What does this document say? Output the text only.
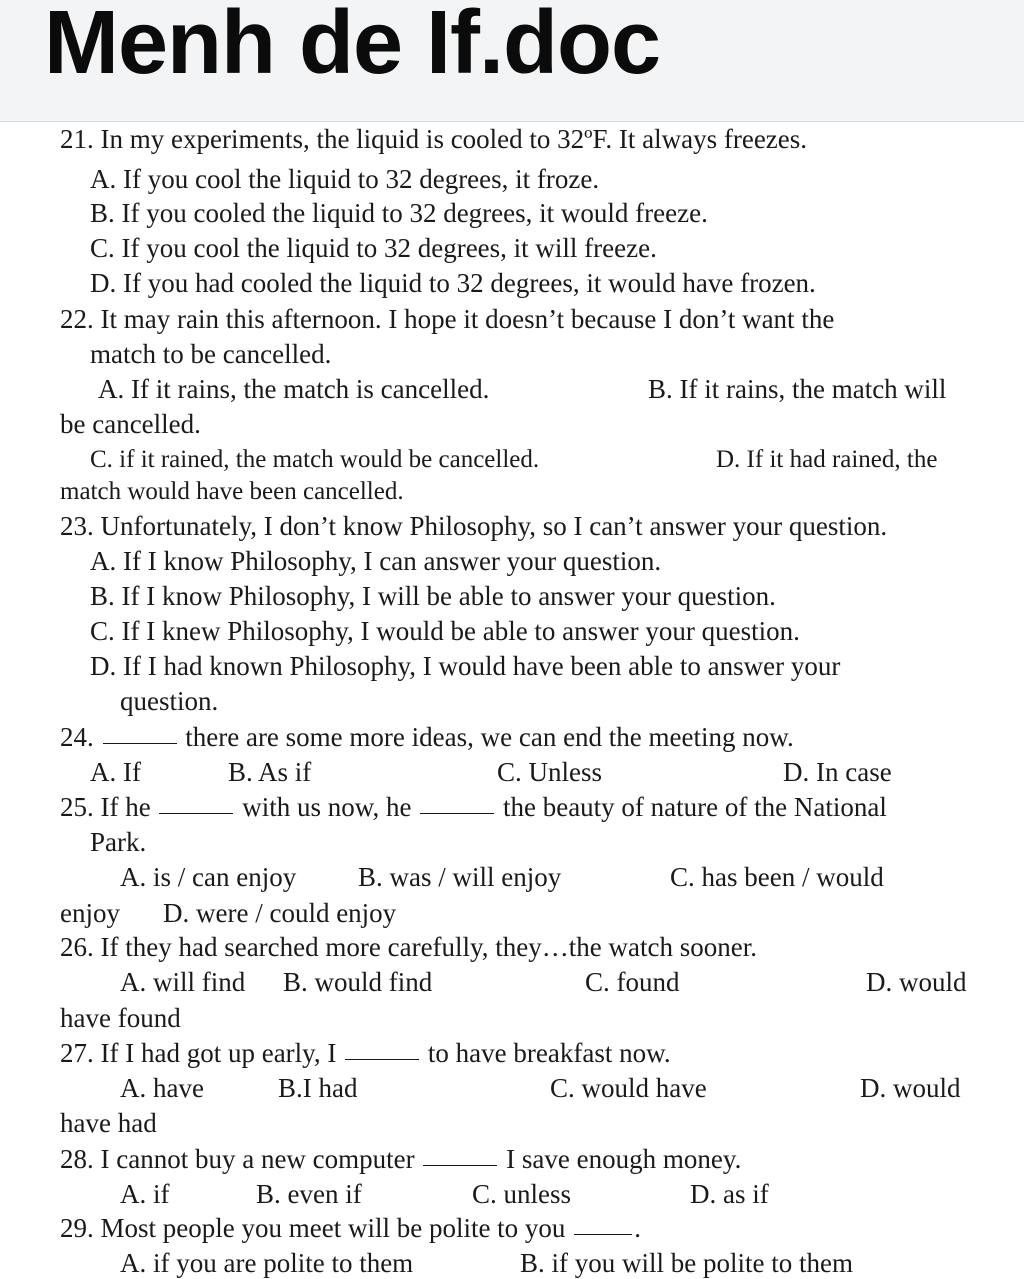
Menh de If.doc
21. In my experiments, the liquid is cooled to 32ºF. It always freezes.
A. If you cool the liquid to 32 degrees, it froze.
B. If you cooled the liquid to 32 degrees, it would freeze.
C. If you cool the liquid to 32 degrees, it will freeze.
D. If you had cooled the liquid to 32 degrees, it would have frozen.
22. It may rain this afternoon. I hope it doesn’t because I don’t want the
match to be cancelled.
A. If it rains, the match is cancelled.	B. If it rains, the match will
be cancelled.
C. if it rained, the match would be cancelled.	D. If it had rained, the
match would have been cancelled.
23. Unfortunately, I don’t know Philosophy, so I can’t answer your question.
A. If I know Philosophy, I can answer your question.
B. If I know Philosophy, I will be able to answer your question.
C. If I knew Philosophy, I would be able to answer your question.
D. If I had known Philosophy, I would have been able to answer your
question.
24.	there are some more ideas, we can end the meeting now.
A. If	B. As if	C. Unless	D. In case
25. If he	with us now, he	the beauty of nature of the National
Park.
A. is / can enjoy B. was / will enjoy	C. has been / would
enjoy D. were / could enjoy
26. If they had searched more carefully, they…the watch sooner.
A. will find B. would find	C. found	D. would
have found
27. If I had got up early, I	to have breakfast now.
A. have	B.I had	C. would have	D. would
have had
28. I cannot buy a new computer	I save enough money.
A. if	B. even if	C. unless	D. as if
29. Most people you meet will be polite to you	.
A. if you are polite to them	B. if you will be polite to them
